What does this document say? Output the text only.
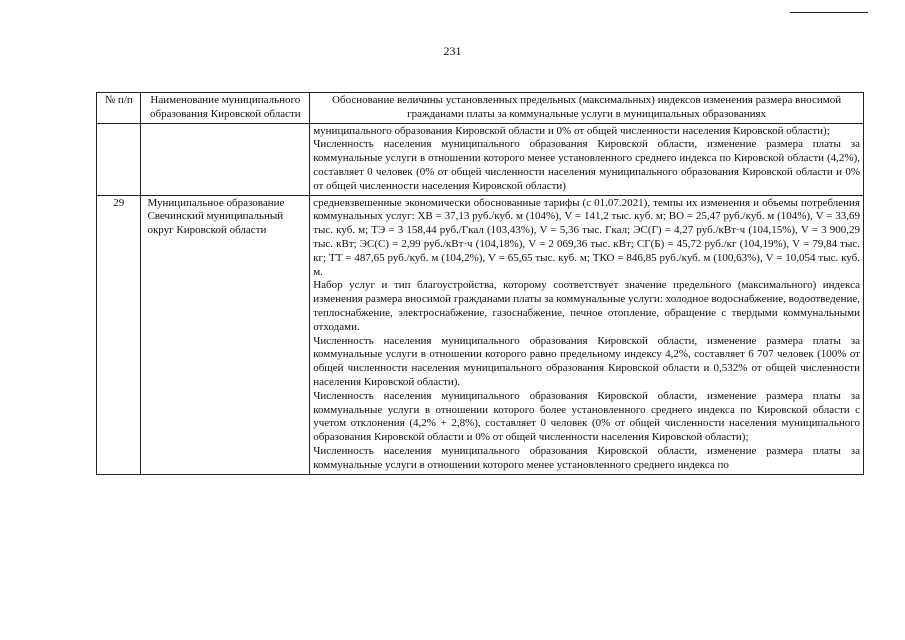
231
№ п/п	Наименование муниципального образования Кировской области	Обоснование величины установленных предельных (максимальных) индексов изменения размера вносимой гражданами платы за коммунальные услуги в муниципальных образованиях

		муниципального образования Кировской области и 0% от общей численности населения Кировской области);
Численность населения муниципального образования Кировской области, изменение размера платы за коммунальные услуги в отношении которого менее установленного среднего индекса по Кировской области (4,2%), составляет 0 человек (0% от общей численности населения муниципального образования Кировской области и 0% от общей численности населения Кировской области)

29	Муниципальное образование Свечинский муниципальный округ Кировской области	средневзвешенные экономически обоснованные тарифы (с 01.07.2021), темпы их изменения и объемы потребления коммунальных услуг: ХВ = 37,13 руб./куб. м (104%), V = 141,2 тыс. куб. м; ВО = 25,47 руб./куб. м (104%), V = 33,69 тыс. куб. м; ТЭ = 3 158,44 руб./Гкал (103,43%), V = 5,36 тыс. Гкал; ЭС(Г) = 4,27 руб./кВт·ч (104,15%), V = 3 900,29 тыс. кВт; ЭС(С) = 2,99 руб./кВт·ч (104,18%), V = 2 069,36 тыс. кВт; СГ(Б) = 45,72 руб./кг (104,19%), V = 79,84 тыс. кг; ТТ = 487,65 руб./куб. м (104,2%), V = 65,65 тыс. куб. м; ТКО = 846,85 руб./куб. м (100,63%), V = 10,054 тыс. куб. м.
Набор услуг и тип благоустройства, которому соответствует значение предельного (максимального) индекса изменения размера вносимой гражданами платы за коммунальные услуги: холодное водоснабжение, водоотведение, теплоснабжение, электроснабжение, газоснабжение, печное отопление, обращение с твердыми коммунальными отходами.
Численность населения муниципального образования Кировской области, изменение размера платы за коммунальные услуги в отношении которого равно предельному индексу 4,2%, составляет 6 707 человек (100% от общей численности населения муниципального образования Кировской области и 0,532% от общей численности населения Кировской области).
Численность населения муниципального образования Кировской области, изменение размера платы за коммунальные услуги в отношении которого более установленного среднего индекса по Кировской области с учетом отклонения (4,2% + 2,8%), составляет 0 человек (0% от общей численности населения муниципального образования Кировской области и 0% от общей численности населения Кировской области);
Численность населения муниципального образования Кировской области, изменение размера платы за коммунальные услуги в отношении которого менее установленного среднего индекса по
